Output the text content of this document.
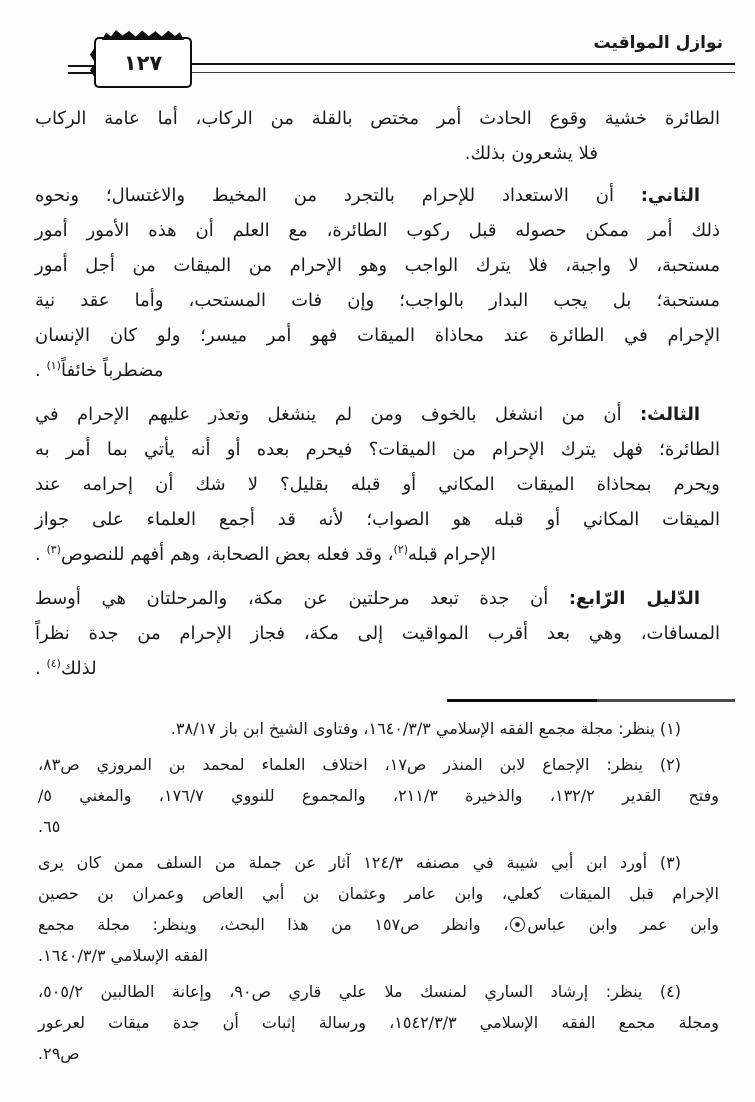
نوازل المواقيت
١٢٧
الطائرة خشية وقوع الحادث أمر مختص بالقلة من الركاب، أما عامة الركاب
فلا يشعرون بذلك.
الثاني: أن الاستعداد للإحرام بالتجرد من المخيط والاغتسال؛ ونحوه
ذلك أمر ممكن حصوله قبل ركوب الطائرة، مع العلم أن هذه الأمور أمور
مستحبة، لا واجبة، فلا يترك الواجب وهو الإحرام من الميقات من أجل أمور
مستحبة؛ بل يجب البدار بالواجب؛ وإن فات المستحب، وأما عقد نية
الإحرام في الطائرة عند محاذاة الميقات فهو أمر ميسر؛ ولو كان الإنسان
مضطرباً خائفاً$^{(١)}$ .
الثالث: أن من انشغل بالخوف ومن لم ينشغل وتعذر عليهم الإحرام في
الطائرة؛ فهل يترك الإحرام من الميقات؟ فيحرم بعده أو أنه يأتي بما أمر به
ويحرم بمحاذاة الميقات المكاني أو قبله بقليل؟ لا شك أن إحرامه عند
الميقات المكاني أو قبله هو الصواب؛ لأنه قد أجمع العلماء على جواز
الإحرام قبله$^{(٢)}$، وقد فعله بعض الصحابة، وهم أفهم للنصوص$^{(٣)}$ .
الدّليل الرّابع: أن جدة تبعد مرحلتين عن مكة، والمرحلتان هي أوسط
المسافات، وهي بعد أقرب المواقيت إلى مكة، فجاز الإحرام من جدة نظراً
لذلك$^{(٤)}$ .
(١) ينظر: مجلة مجمع الفقه الإسلامي ٣/‏٣/‏١٦٤٠، وفتاوى الشيخ ابن باز ١٧/‏٣٨.
(٢) ينظر: الإجماع لابن المنذر ص١٧، اختلاف العلماء لمحمد بن المروزي ص٨٣،
وفتح القدير ٢/‏١٣٢، والذخيرة ٣/‏٢١١، والمجموع للنووي ٧/‏١٧٦، والمغني ٥/
٦٥.
(٣) أورد ابن أبي شيبة في مصنفه ٣/‏١٢٤ آثار عن جملة من السلف ممن كان يرى
الإحرام قبل الميقات كعلي، وابن عامر وعثمان بن أبي العاص وعمران بن حصين
وابن عمر وابن عباس، وانظر ص١٥٧ من هذا البحث، وينظر: مجلة مجمع
الفقه الإسلامي ٣/‏٣/‏١٦٤٠.
(٤) ينظر: إرشاد الساري لمنسك ملا علي قاري ص٩٠، وإعانة الطالبين ٢/‏٥٠٥،
ومجلة مجمع الفقه الإسلامي ٣/‏٣/‏١٥٤٢، ورسالة إثبات أن جدة ميقات لعرعور
ص٢٩.
